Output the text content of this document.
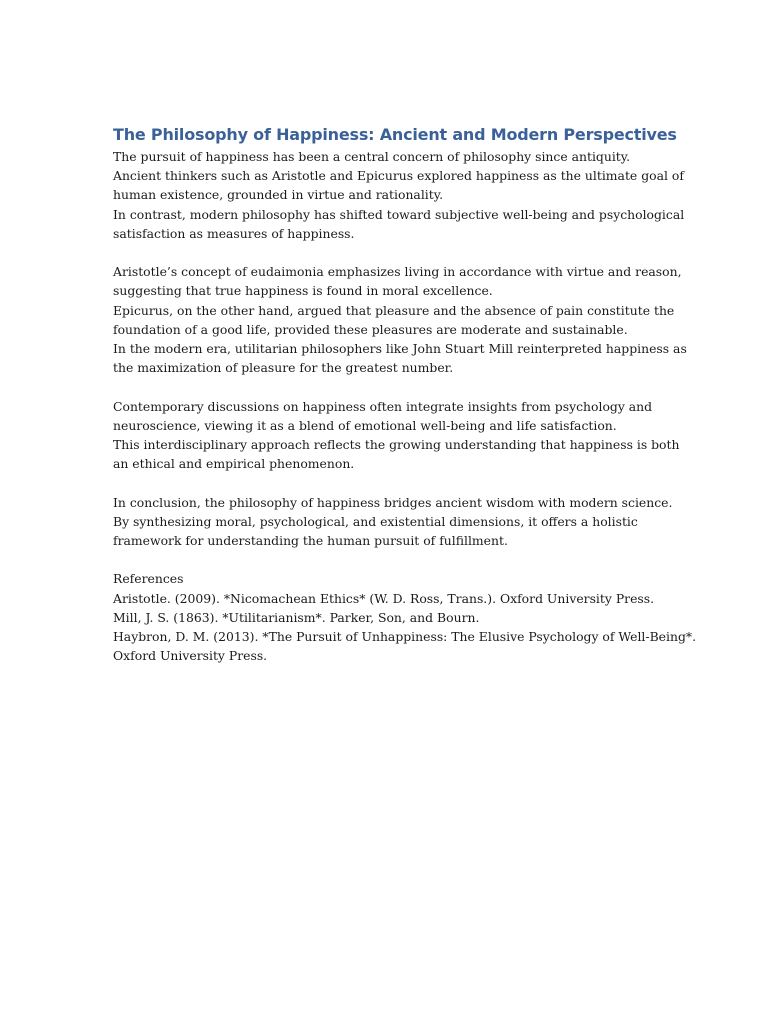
The Philosophy of Happiness: Ancient and Modern Perspectives
The pursuit of happiness has been a central concern of philosophy since antiquity.
Ancient thinkers such as Aristotle and Epicurus explored happiness as the ultimate goal of
human existence, grounded in virtue and rationality.
In contrast, modern philosophy has shifted toward subjective well-being and psychological
satisfaction as measures of happiness.
Aristotle’s concept of eudaimonia emphasizes living in accordance with virtue and reason,
suggesting that true happiness is found in moral excellence.
Epicurus, on the other hand, argued that pleasure and the absence of pain constitute the
foundation of a good life, provided these pleasures are moderate and sustainable.
In the modern era, utilitarian philosophers like John Stuart Mill reinterpreted happiness as
the maximization of pleasure for the greatest number.
Contemporary discussions on happiness often integrate insights from psychology and
neuroscience, viewing it as a blend of emotional well-being and life satisfaction.
This interdisciplinary approach reflects the growing understanding that happiness is both
an ethical and empirical phenomenon.
In conclusion, the philosophy of happiness bridges ancient wisdom with modern science.
By synthesizing moral, psychological, and existential dimensions, it offers a holistic
framework for understanding the human pursuit of fulfillment.
References
Aristotle. (2009). *Nicomachean Ethics* (W. D. Ross, Trans.). Oxford University Press.
Mill, J. S. (1863). *Utilitarianism*. Parker, Son, and Bourn.
Haybron, D. M. (2013). *The Pursuit of Unhappiness: The Elusive Psychology of Well-Being*.
Oxford University Press.
